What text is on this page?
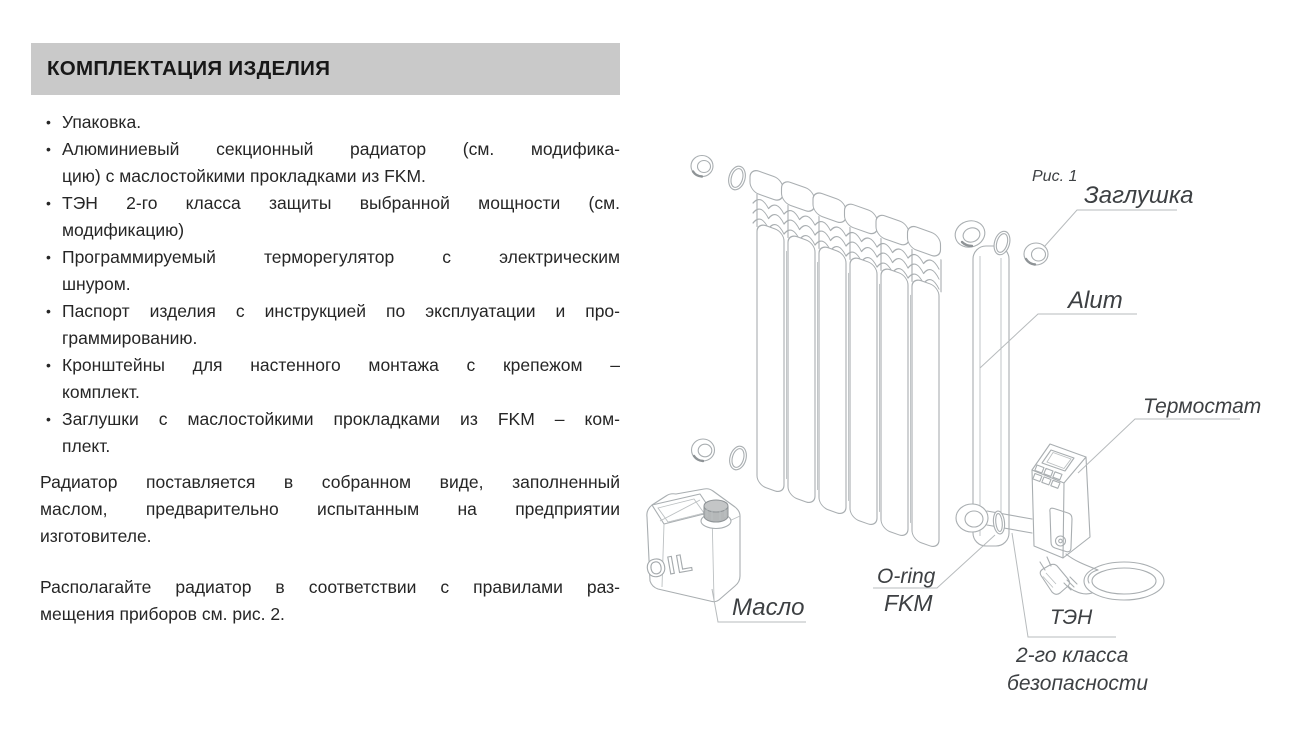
КОМПЛЕКТАЦИЯ ИЗДЕЛИЯ
• Упаковка.
• Алюминиевый секционный радиатор (см. модифика-
цию) с маслостойкими прокладками из FKM.
• ТЭН 2-го класса защиты выбранной мощности (см.
модификацию)
• Программируемый терморегулятор с электрическим
шнуром.
• Паспорт изделия с инструкцией по эксплуатации и про-
граммированию.
• Кронштейны для настенного монтажа с крепежом –
комплект.
• Заглушки с маслостойкими прокладками из FKM – ком-
плект.
Радиатор поставляется в собранном виде, заполненный
маслом, предварительно испытанным на предприятии
изготовителе.
Располагайте радиатор в соответствии с правилами раз-
мещения приборов см. рис. 2.
OIL
Рис. 1
Заглушка
Alum
Термостат
Масло
O-ring
FKM
ТЭН
2-го класса
безопасности
